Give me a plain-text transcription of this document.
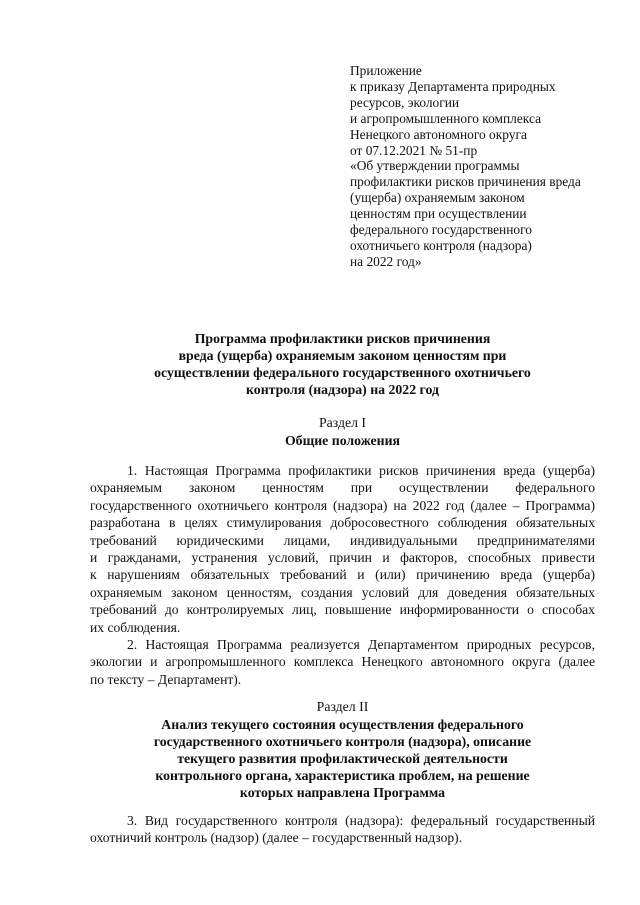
Приложение
к приказу Департамента природных
ресурсов, экологии
и агропромышленного комплекса
Ненецкого автономного округа
от 07.12.2021 № 51-пр
«Об утверждении программы
профилактики рисков причинения вреда
(ущерба) охраняемым законом
ценностям при осуществлении
федерального государственного
охотничьего контроля (надзора)
на 2022 год»
Программа профилактики рисков причинения
вреда (ущерба) охраняемым законом ценностям при
осуществлении федерального государственного охотничьего
контроля (надзора) на 2022 год
Раздел I
Общие положения
1. Настоящая Программа профилактики рисков причинения вреда (ущерба)
охраняемым законом ценностям при осуществлении федерального
государственного охотничьего контроля (надзора) на 2022 год (далее – Программа)
разработана в целях стимулирования добросовестного соблюдения обязательных
требований юридическими лицами, индивидуальными предпринимателями
и гражданами, устранения условий, причин и факторов, способных привести
к нарушениям обязательных требований и (или) причинению вреда (ущерба)
охраняемым законом ценностям, создания условий для доведения обязательных
требований до контролируемых лиц, повышение информированности о способах
их соблюдения.
2. Настоящая Программа реализуется Департаментом природных ресурсов,
экологии и агропромышленного комплекса Ненецкого автономного округа (далее
по тексту – Департамент).
Раздел II
Анализ текущего состояния осуществления федерального
государственного охотничьего контроля (надзора), описание
текущего развития профилактической деятельности
контрольного органа, характеристика проблем, на решение
которых направлена Программа
3. Вид государственного контроля (надзора): федеральный государственный
охотничий контроль (надзор) (далее – государственный надзор).
